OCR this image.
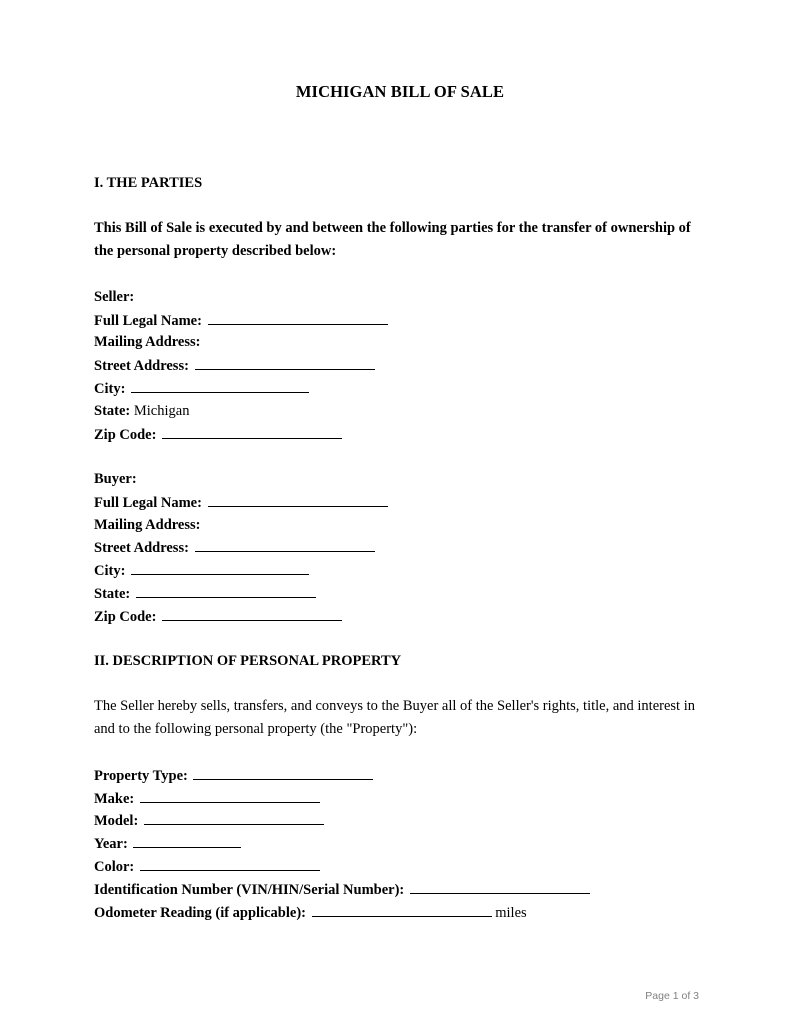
MICHIGAN BILL OF SALE
I. THE PARTIES
This Bill of Sale is executed by and between the following parties for the transfer of ownership of
the personal property described below:
Seller:
Full Legal Name:
Mailing Address:
Street Address:
City:
State: Michigan
Zip Code:
Buyer:
Full Legal Name:
Mailing Address:
Street Address:
City:
State:
Zip Code:
II. DESCRIPTION OF PERSONAL PROPERTY
The Seller hereby sells, transfers, and conveys to the Buyer all of the Seller's rights, title, and interest in
and to the following personal property (the "Property"):
Property Type:
Make:
Model:
Year:
Color:
Identification Number (VIN/HIN/Serial Number):
Odometer Reading (if applicable):	miles
Page 1 of 3
